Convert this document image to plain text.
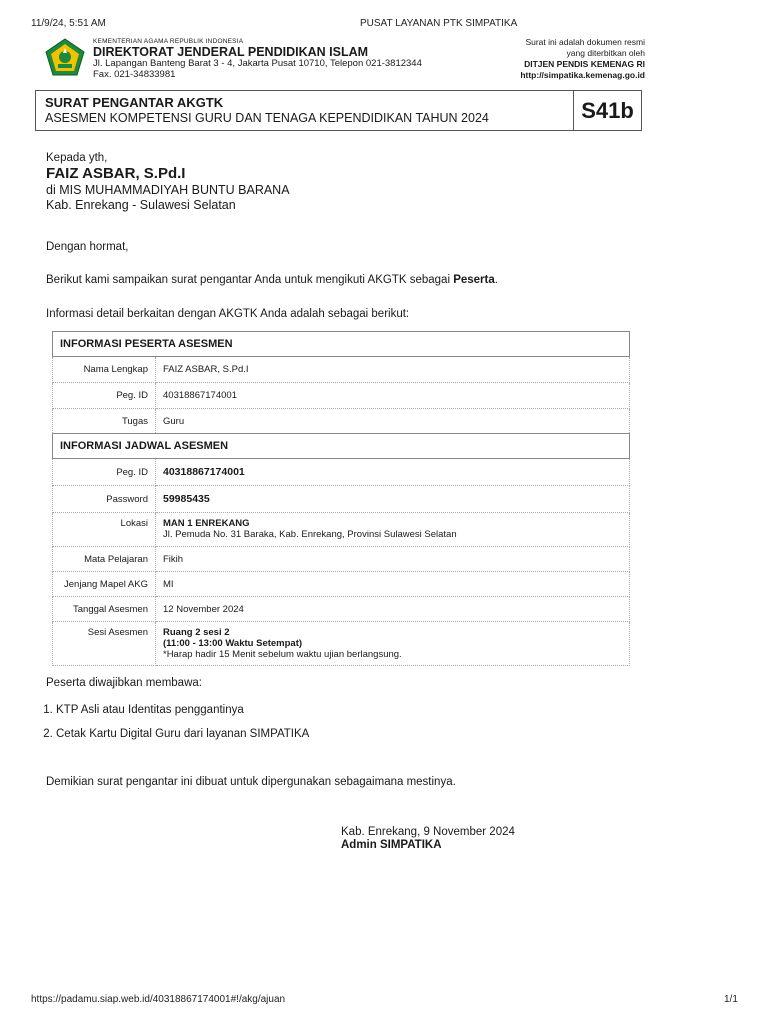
11/9/24, 5:51 AM	PUSAT LAYANAN PTK SIMPATIKA
KEMENTERIAN AGAMA REPUBLIK INDONESIA
DIREKTORAT JENDERAL PENDIDIKAN ISLAM
Jl. Lapangan Banteng Barat 3 - 4, Jakarta Pusat 10710, Telepon 021-3812344
Fax. 021-34833981
Surat ini adalah dokumen resmi
yang diterbitkan oleh
DITJEN PENDIS KEMENAG RI
http://simpatika.kemenag.go.id
SURAT PENGANTAR AKGTK
ASESMEN KOMPETENSI GURU DAN TENAGA KEPENDIDIKAN TAHUN 2024	S41b
Kepada yth,
FAIZ ASBAR, S.Pd.I
di MIS MUHAMMADIYAH BUNTU BARANA
Kab. Enrekang - Sulawesi Selatan
Dengan hormat,
Berikut kami sampaikan surat pengantar Anda untuk mengikuti AKGTK sebagai Peserta.
Informasi detail berkaitan dengan AKGTK Anda adalah sebagai berikut:
INFORMASI PESERTA ASESMEN	
Nama Lengkap	FAIZ ASBAR, S.Pd.I
Peg. ID	40318867174001
Tugas	Guru
INFORMASI JADWAL ASESMEN	
Peg. ID	40318867174001
Password	59985435
Lokasi	MAN 1 ENREKANG
Jl. Pemuda No. 31 Baraka, Kab. Enrekang, Provinsi Sulawesi Selatan

Mata Pelajaran	Fikih
Jenjang Mapel AKG	MI
Tanggal Asesmen	12 November 2024
Sesi Asesmen	Ruang 2 sesi 2
(11:00 - 13:00 Waktu Setempat)
*Harap hadir 15 Menit sebelum waktu ujian berlangsung.
Peserta diwajibkan membawa:
1. KTP Asli atau Identitas penggantinya
2. Cetak Kartu Digital Guru dari layanan SIMPATIKA
Demikian surat pengantar ini dibuat untuk dipergunakan sebagaimana mestinya.
Kab. Enrekang, 9 November 2024
Admin SIMPATIKA
https://padamu.siap.web.id/40318867174001#!/akg/ajuan	1/1
